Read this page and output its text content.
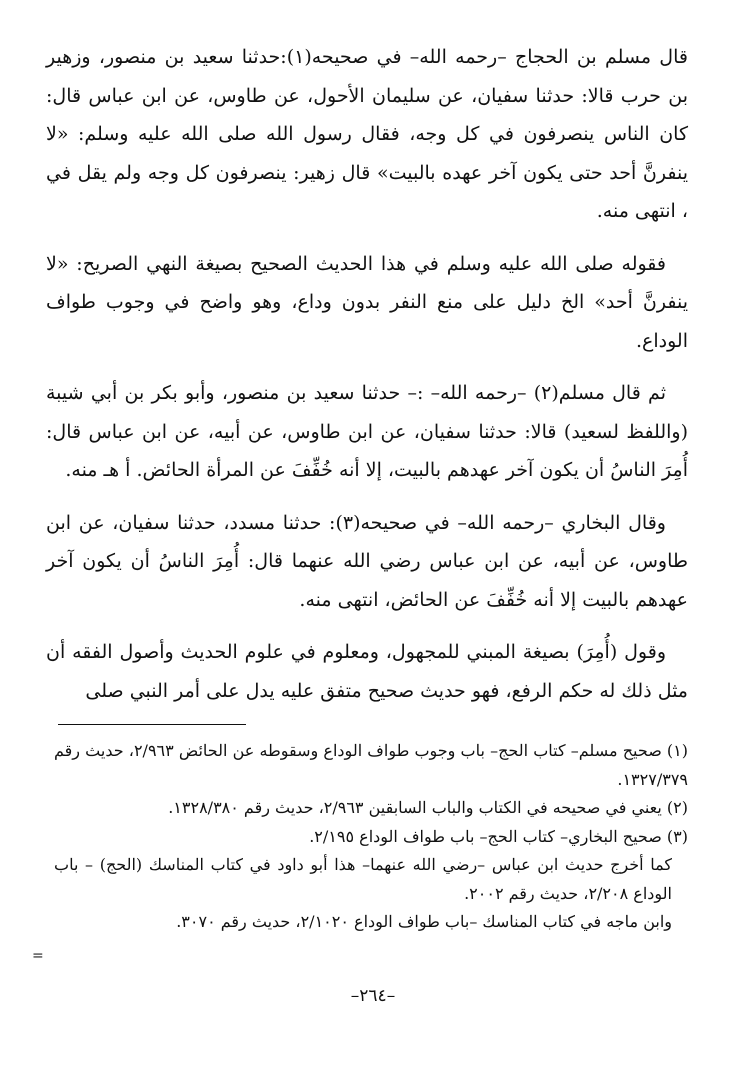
قال مسلم بن الحجاج –رحمه الله– في صحيحه(١):حدثنا سعيد بن منصور، وزهير بن حرب قالا: حدثنا سفيان، عن سليمان الأحول، عن طاوس، عن ابن عباس قال: كان الناس ينصرفون في كل وجه، فقال رسول الله صلى الله عليه وسلم: «لا ينفرنَّ أحد حتى يكون آخر عهده بالبيت» قال زهير: ينصرفون كل وجه ولم يقل في ، انتهى منه.

فقوله صلى الله عليه وسلم في هذا الحديث الصحيح بصيغة النهي الصريح: «لا ينفرنَّ أحد» الخ دليل على منع النفر بدون وداع، وهو واضح في وجوب طواف الوداع.

ثم قال مسلم(٢) –رحمه الله– :– حدثنا سعيد بن منصور، وأبو بكر بن أبي شيبة (واللفظ لسعيد) قالا: حدثنا سفيان، عن ابن طاوس، عن أبيه، عن ابن عباس قال: أُمِرَ الناسُ أن يكون آخر عهدهم بالبيت، إلا أنه خُفِّفَ عن المرأة الحائض. أ هـ منه.

وقال البخاري –رحمه الله– في صحيحه(٣): حدثنا مسدد، حدثنا سفيان، عن ابن طاوس، عن أبيه، عن ابن عباس رضي الله عنهما قال: أُمِرَ الناسُ أن يكون آخر عهدهم بالبيت إلا أنه خُفِّفَ عن الحائض، انتهى منه.

وقول (أُمِرَ) بصيغة المبني للمجهول، ومعلوم في علوم الحديث وأصول الفقه أن مثل ذلك له حكم الرفع، فهو حديث صحيح متفق عليه يدل على أمر النبي صلى

(١) صحيح مسلم– كتاب الحج– باب وجوب طواف الوداع وسقوطه عن الحائض ٢/٩٦٣، حديث رقم ١٣٢٧/٣٧٩.

(٢) يعني في صحيحه في الكتاب والباب السابقين ٢/٩٦٣، حديث رقم ١٣٢٨/٣٨٠.

(٣) صحيح البخاري– كتاب الحج– باب طواف الوداع ٢/١٩٥.

كما أخرج حديث ابن عباس –رضي الله عنهما– هذا أبو داود في كتاب المناسك (الحج) – باب الوداع ٢/٢٠٨، حديث رقم ٢٠٠٢.

وابن ماجه في كتاب المناسك –باب طواف الوداع ٢/١٠٢٠، حديث رقم ٣٠٧٠.

=
–٢٦٤–
